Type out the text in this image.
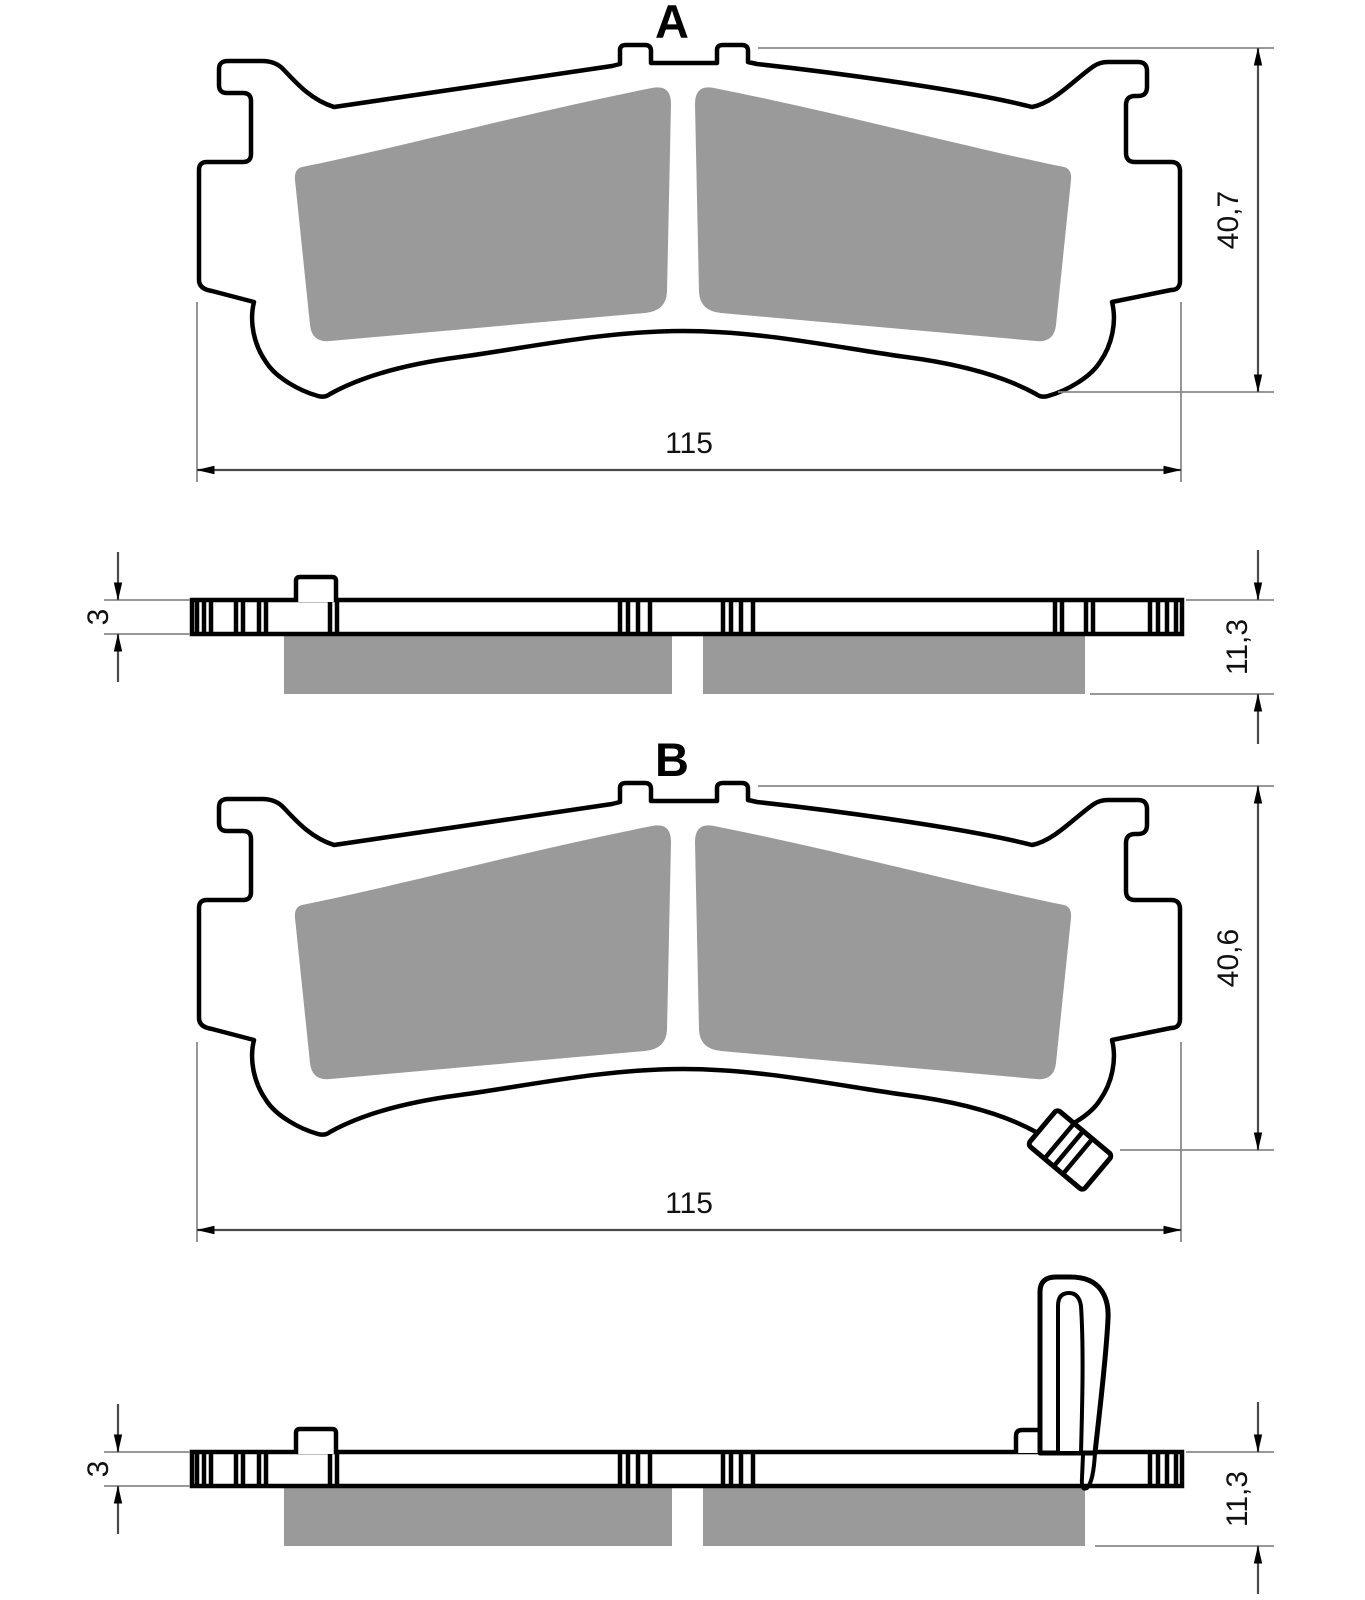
A
40,7
115
3
11,3
B
40,6
115
3
11,3
